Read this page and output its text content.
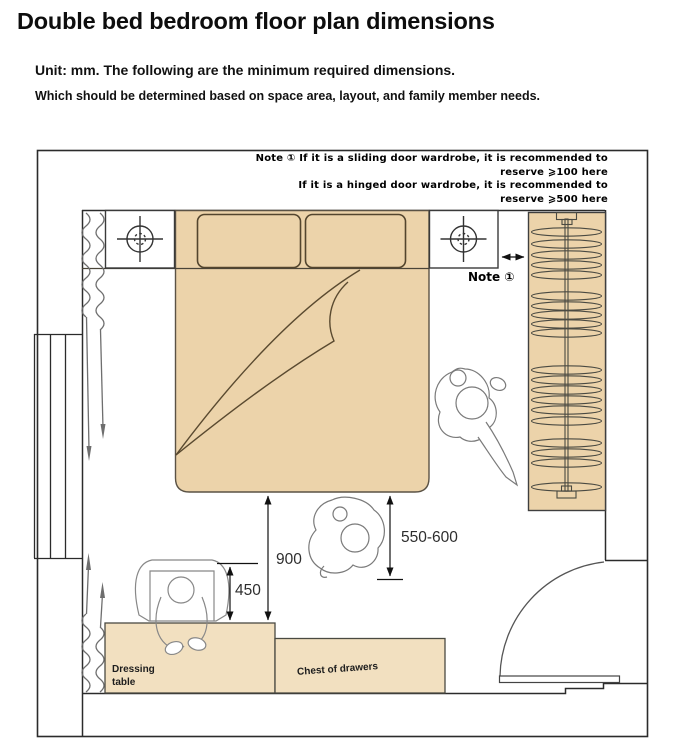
Double bed bedroom floor plan dimensions
Unit: mm. The following are the minimum required dimensions.
Which should be determined based on space area, layout, and family member needs.
Note ① If it is a sliding door wardrobe, it is recommended to
reserve ⩾100 here
If it is a hinged door wardrobe, it is recommended to
reserve ⩾500 here
Note ①
900
450
550-600
Dressing
table
Chest of drawers
